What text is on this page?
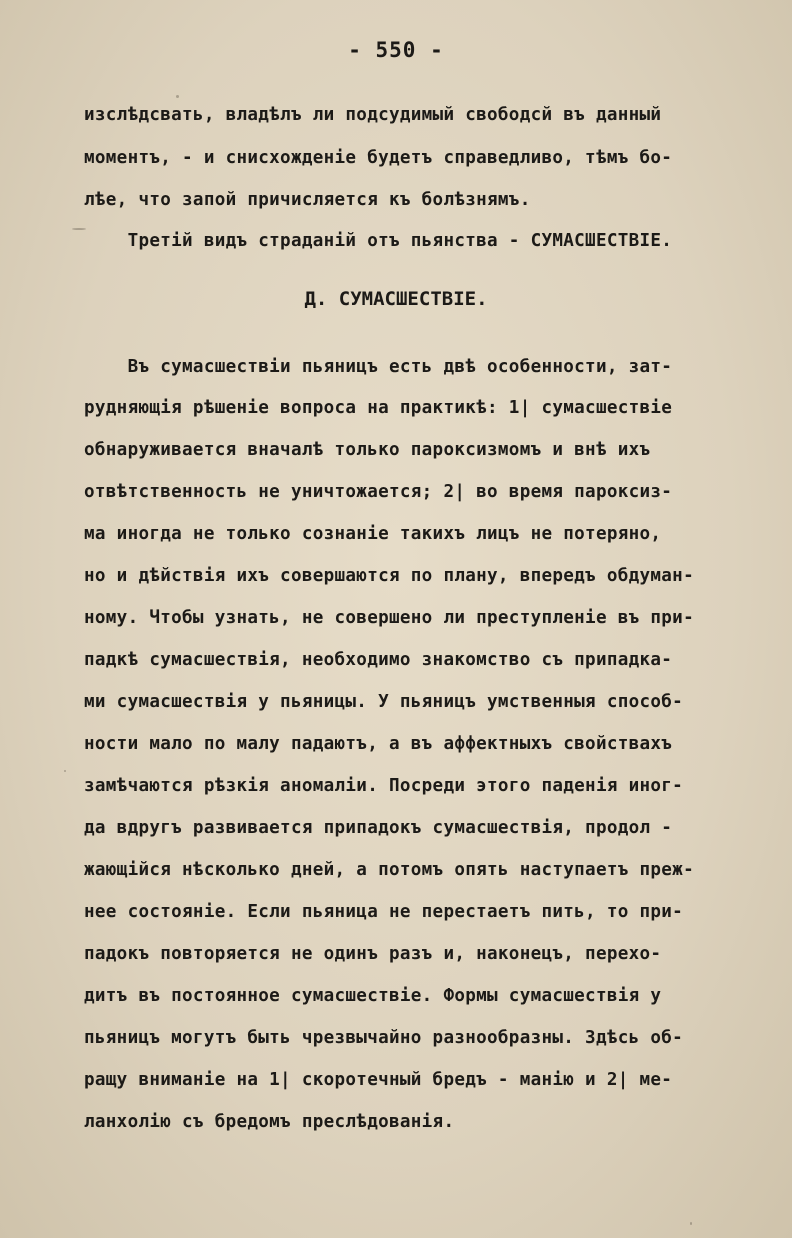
- 550 -
изслѣдсвать, владѣлъ ли подсудимый свободсй въ данный
моментъ, - и снисхожденіе будетъ справедливо, тѣмъ бо-
лѣе, что запой причисляется къ болѣзнямъ.
Третій видъ страданій отъ пьянства - СУМАСШЕСТВІЕ.
Д. СУМАСШЕСТВІЕ.
Въ сумасшествіи пьяницъ есть двѣ особенности, зат-
рудняющія рѣшеніе вопроса на практикѣ: 1| сумасшествіе
обнаруживается вначалѣ только пароксизмомъ и внѣ ихъ
отвѣтственность не уничтожается; 2| во время пароксиз-
ма иногда не только сознаніе такихъ лицъ не потеряно,
но и дѣйствія ихъ совершаются по плану, впередъ обдуман-
ному. Чтобы узнать, не совершено ли преступленіе въ при-
падкѣ сумасшествія, необходимо знакомство съ припадка-
ми сумасшествія у пьяницы. У пьяницъ умственныя способ-
ности мало по малу падаютъ, а въ аффектныхъ свойствахъ
замѣчаются рѣзкія аномаліи. Посреди этого паденія иног-
да вдругъ развивается припадокъ сумасшествія, продол -
жающійся нѣсколько дней, а потомъ опять наступаетъ преж-
нее состояніе. Если пьяница не перестаетъ пить, то при-
падокъ повторяется не одинъ разъ и, наконецъ, перехо-
дитъ въ постоянное сумасшествіе. Формы сумасшествія у
пьяницъ могутъ быть чрезвычайно разнообразны. Здѣсь об-
ращу вниманіе на 1| скоротечный бредъ - манію и 2| ме-
ланхолію съ бредомъ преслѣдованія.
